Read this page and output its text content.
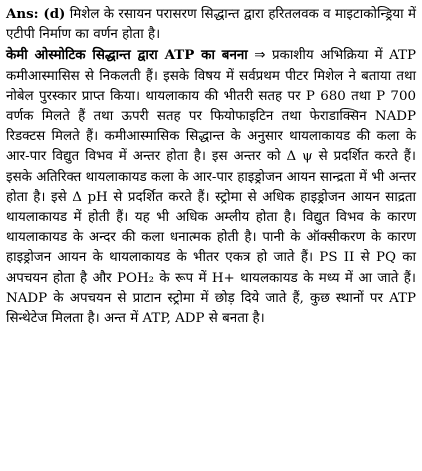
Ans: (d) मिशेल के रसायन परासरण सिद्धान्त द्वारा हरितलवक व माइटाकोन्ड्रिया में एटीपी निर्माण का वर्णन होता है।

केमी ओस्मोटिक सिद्धान्त द्वारा ATP का बनना ⇒ प्रकाशीय अभिक्रिया में ATP कमीआस्मासिस से निकलती हैं। इसके विषय में सर्वप्रथम पीटर मिशेल ने बताया तथा नोबेल पुरस्कार प्राप्त किया। थायलाकाय की भीतरी सतह पर P 680 तथा P 700 वर्णक मिलते हैं तथा ऊपरी सतह पर फियोफाइटिन तथा फेराडाक्सिन NADP रिडक्टस मिलते हैं। कमीआस्मासिक सिद्धान्त के अनुसार थायलाकायड की कला के आर-पार विद्युत विभव में अन्तर होता है। इस अन्तर को Δ ψ से प्रदर्शित करते हैं। इसके अतिरिक्त थायलाकायड कला के आर-पार हाइड्रोजन आयन सान्द्रता में भी अन्तर होता है। इसे Δ pH से प्रदर्शित करते हैं। स्ट्रोमा से अधिक हाइड्रोजन आयन साद्रता थायलाकायड में होती हैं। यह भी अधिक अम्लीय होता है। विद्युत विभव के कारण थायलाकायड के अन्दर की कला धनात्मक होती है। पानी के ऑक्सीकरण के कारण हाइड्रोजन आयन के थायलाकायड के भीतर एकत्र हो जाते हैं। PS II से PQ का अपचयन होता है और POH₂ के रूप में H+ थायलकायड के मध्य में आ जाते हैं। NADP के अपचयन से प्राटान स्ट्रोमा में छोड़ दिये जाते हैं, कुछ स्थानों पर ATP सिन्थेटेज मिलता है। अन्त में ATP, ADP से बनता है।
